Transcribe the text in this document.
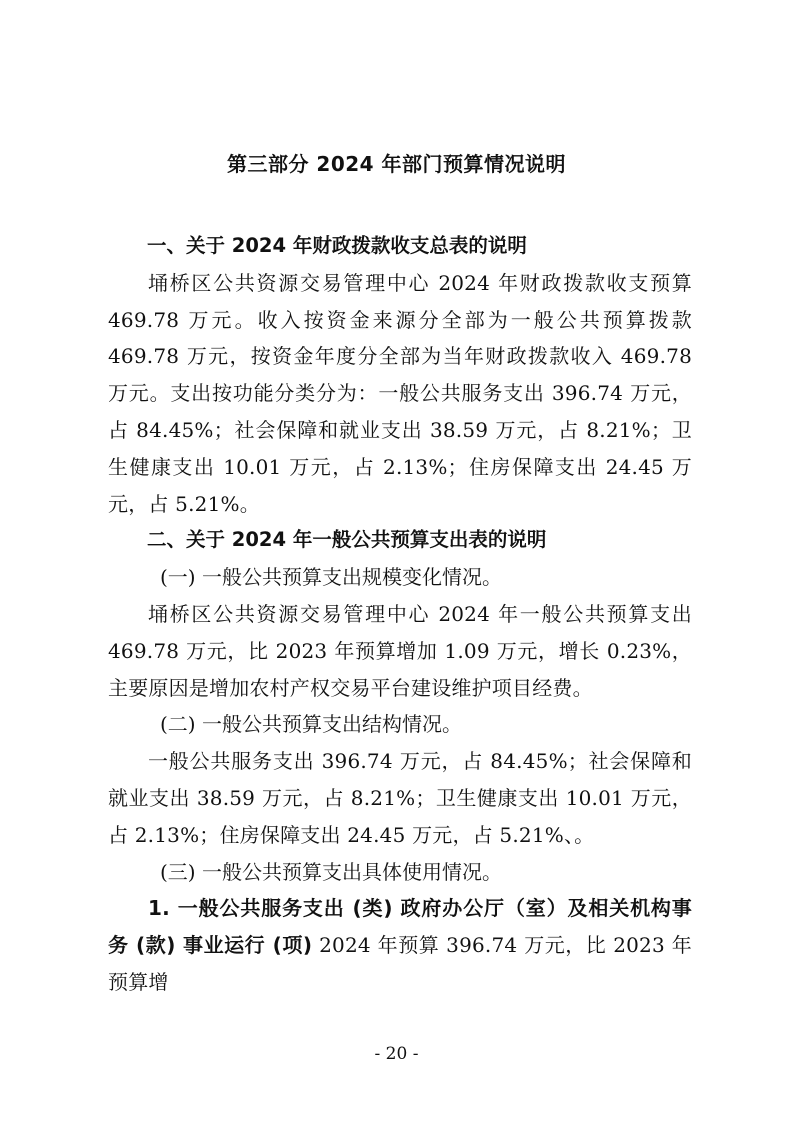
第三部分 2024 年部门预算情况说明

一、关于 2024 年财政拨款收支总表的说明

埇桥区公共资源交易管理中心 2024 年财政拨款收支预算 469.78 万元。收入按资金来源分全部为一般公共预算拨款 469.78 万元，按资金年度分全部为当年财政拨款收入 469.78 万元。支出按功能分类分为：一般公共服务支出 396.74 万元，占 84.45%；社会保障和就业支出 38.59 万元，占 8.21%；卫生健康支出 10.01 万元，占 2.13%；住房保障支出 24.45 万元，占 5.21%。

二、关于 2024 年一般公共预算支出表的说明

(一) 一般公共预算支出规模变化情况。

埇桥区公共资源交易管理中心 2024 年一般公共预算支出 469.78 万元，比 2023 年预算增加 1.09 万元，增长 0.23%，主要原因是增加农村产权交易平台建设维护项目经费。

(二) 一般公共预算支出结构情况。

一般公共服务支出 396.74 万元，占 84.45%；社会保障和就业支出 38.59 万元，占 8.21%；卫生健康支出 10.01 万元，占 2.13%；住房保障支出 24.45 万元，占 5.21%、。

(三) 一般公共预算支出具体使用情况。

1. 一般公共服务支出 (类) 政府办公厅（室）及相关机构事务 (款) 事业运行 (项) 2024 年预算 396.74 万元，比 2023 年预算增

- 20 -
